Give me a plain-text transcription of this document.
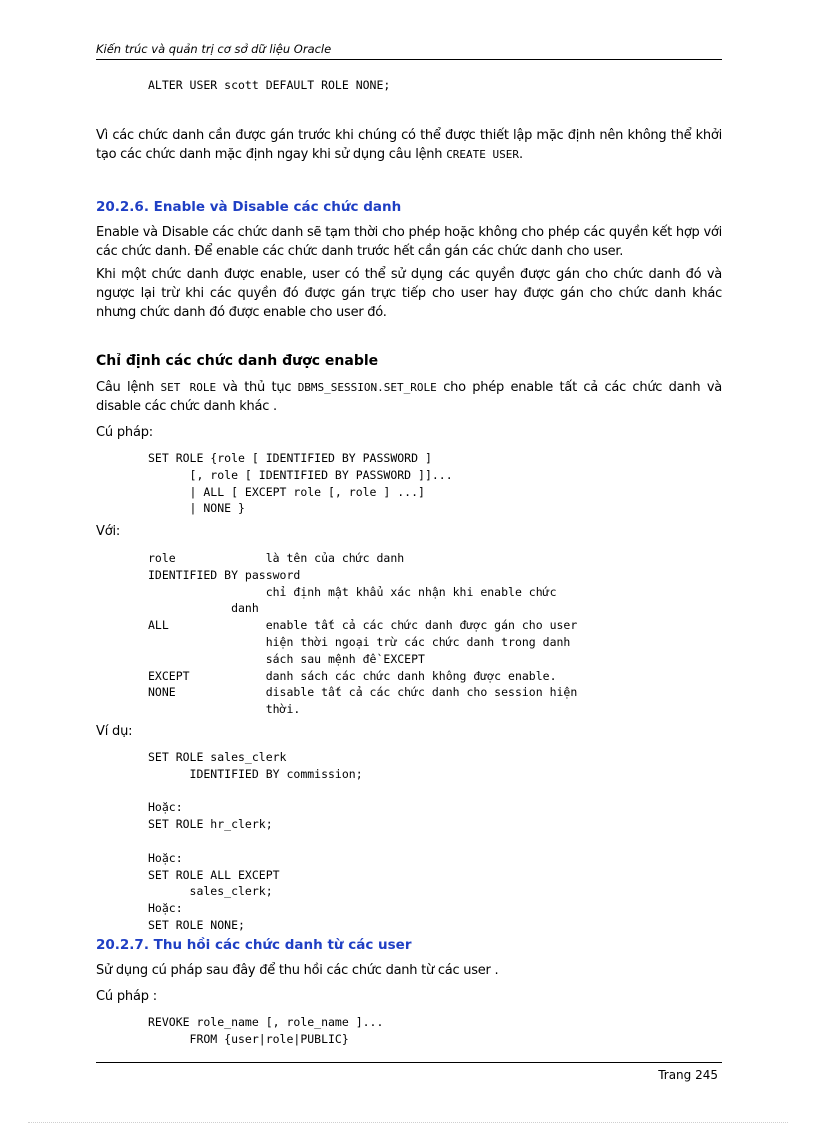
Kiến trúc và quản trị cơ sở dữ liệu Oracle
ALTER USER scott DEFAULT ROLE NONE;

Vì các chức danh cần được gán trước khi chúng có thể được thiết lập mặc định nên không thể khởi tạo các chức danh mặc định ngay khi sử dụng câu lệnh CREATE USER.

20.2.6. Enable và Disable các chức danh

Enable và Disable các chức danh sẽ tạm thời cho phép hoặc không cho phép các quyền kết hợp với các chức danh. Để enable các chức danh trước hết cần gán các chức danh cho user.

Khi một chức danh được enable, user có thể sử dụng các quyền được gán cho chức danh đó và ngược lại trừ khi các quyền đó được gán trực tiếp cho user hay được gán cho chức danh khác nhưng chức danh đó được enable cho user đó.

Chỉ định các chức danh được enable

Câu lệnh SET ROLE và thủ tục DBMS_SESSION.SET_ROLE cho phép enable tất cả các chức danh và disable các chức danh khác .

Cú pháp:
SET ROLE {role [ IDENTIFIED BY PASSWORD ]
[, role [ IDENTIFIED BY PASSWORD ]]...
| ALL [ EXCEPT role [, role ] ...]
| NONE }
Với:
role             là tên của chức danh
IDENTIFIED BY password
chỉ định mật khẩu xác nhận khi enable chức
danh
ALL              enable tất cả các chức danh được gán cho user
hiện thời ngoại trừ các chức danh trong danh
sách sau mệnh đề EXCEPT
EXCEPT           danh sách các chức danh không được enable.
NONE             disable tất cả các chức danh cho session hiện
thời.
Ví dụ:
SET ROLE sales_clerk
IDENTIFIED BY commission;

Hoặc:
SET ROLE hr_clerk;

Hoặc:
SET ROLE ALL EXCEPT
sales_clerk;
Hoặc:
SET ROLE NONE;
20.2.7. Thu hồi các chức danh từ các user

Sử dụng cú pháp sau đây để thu hồi các chức danh từ các user .

Cú pháp :
REVOKE role_name [, role_name ]...
FROM {user|role|PUBLIC}
Trang 245
